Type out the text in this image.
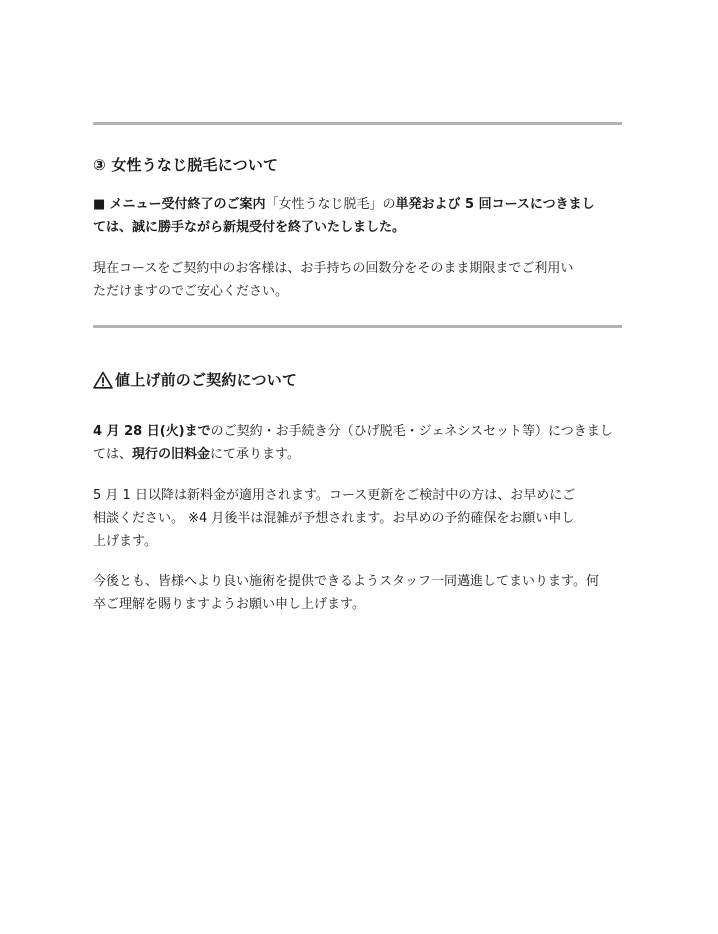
③ 女性うなじ脱毛について
■ メニュー受付終了のご案内「女性うなじ脱毛」の単発および 5 回コースにつきまし
ては、誠に勝手ながら新規受付を終了いたしました。
現在コースをご契約中のお客様は、お手持ちの回数分をそのまま期限までご利用い
ただけますのでご安心ください。
値上げ前のご契約について
4 月 28 日(火)までのご契約・お手続き分（ひげ脱毛・ジェネシスセット等）につきまし
ては、現行の旧料金にて承ります。
5 月 1 日以降は新料金が適用されます。コース更新をご検討中の方は、お早めにご
相談ください。 ※4 月後半は混雑が予想されます。お早めの予約確保をお願い申し
上げます。
今後とも、皆様へより良い施術を提供できるようスタッフ一同邁進してまいります。何
卒ご理解を賜りますようお願い申し上げます。
